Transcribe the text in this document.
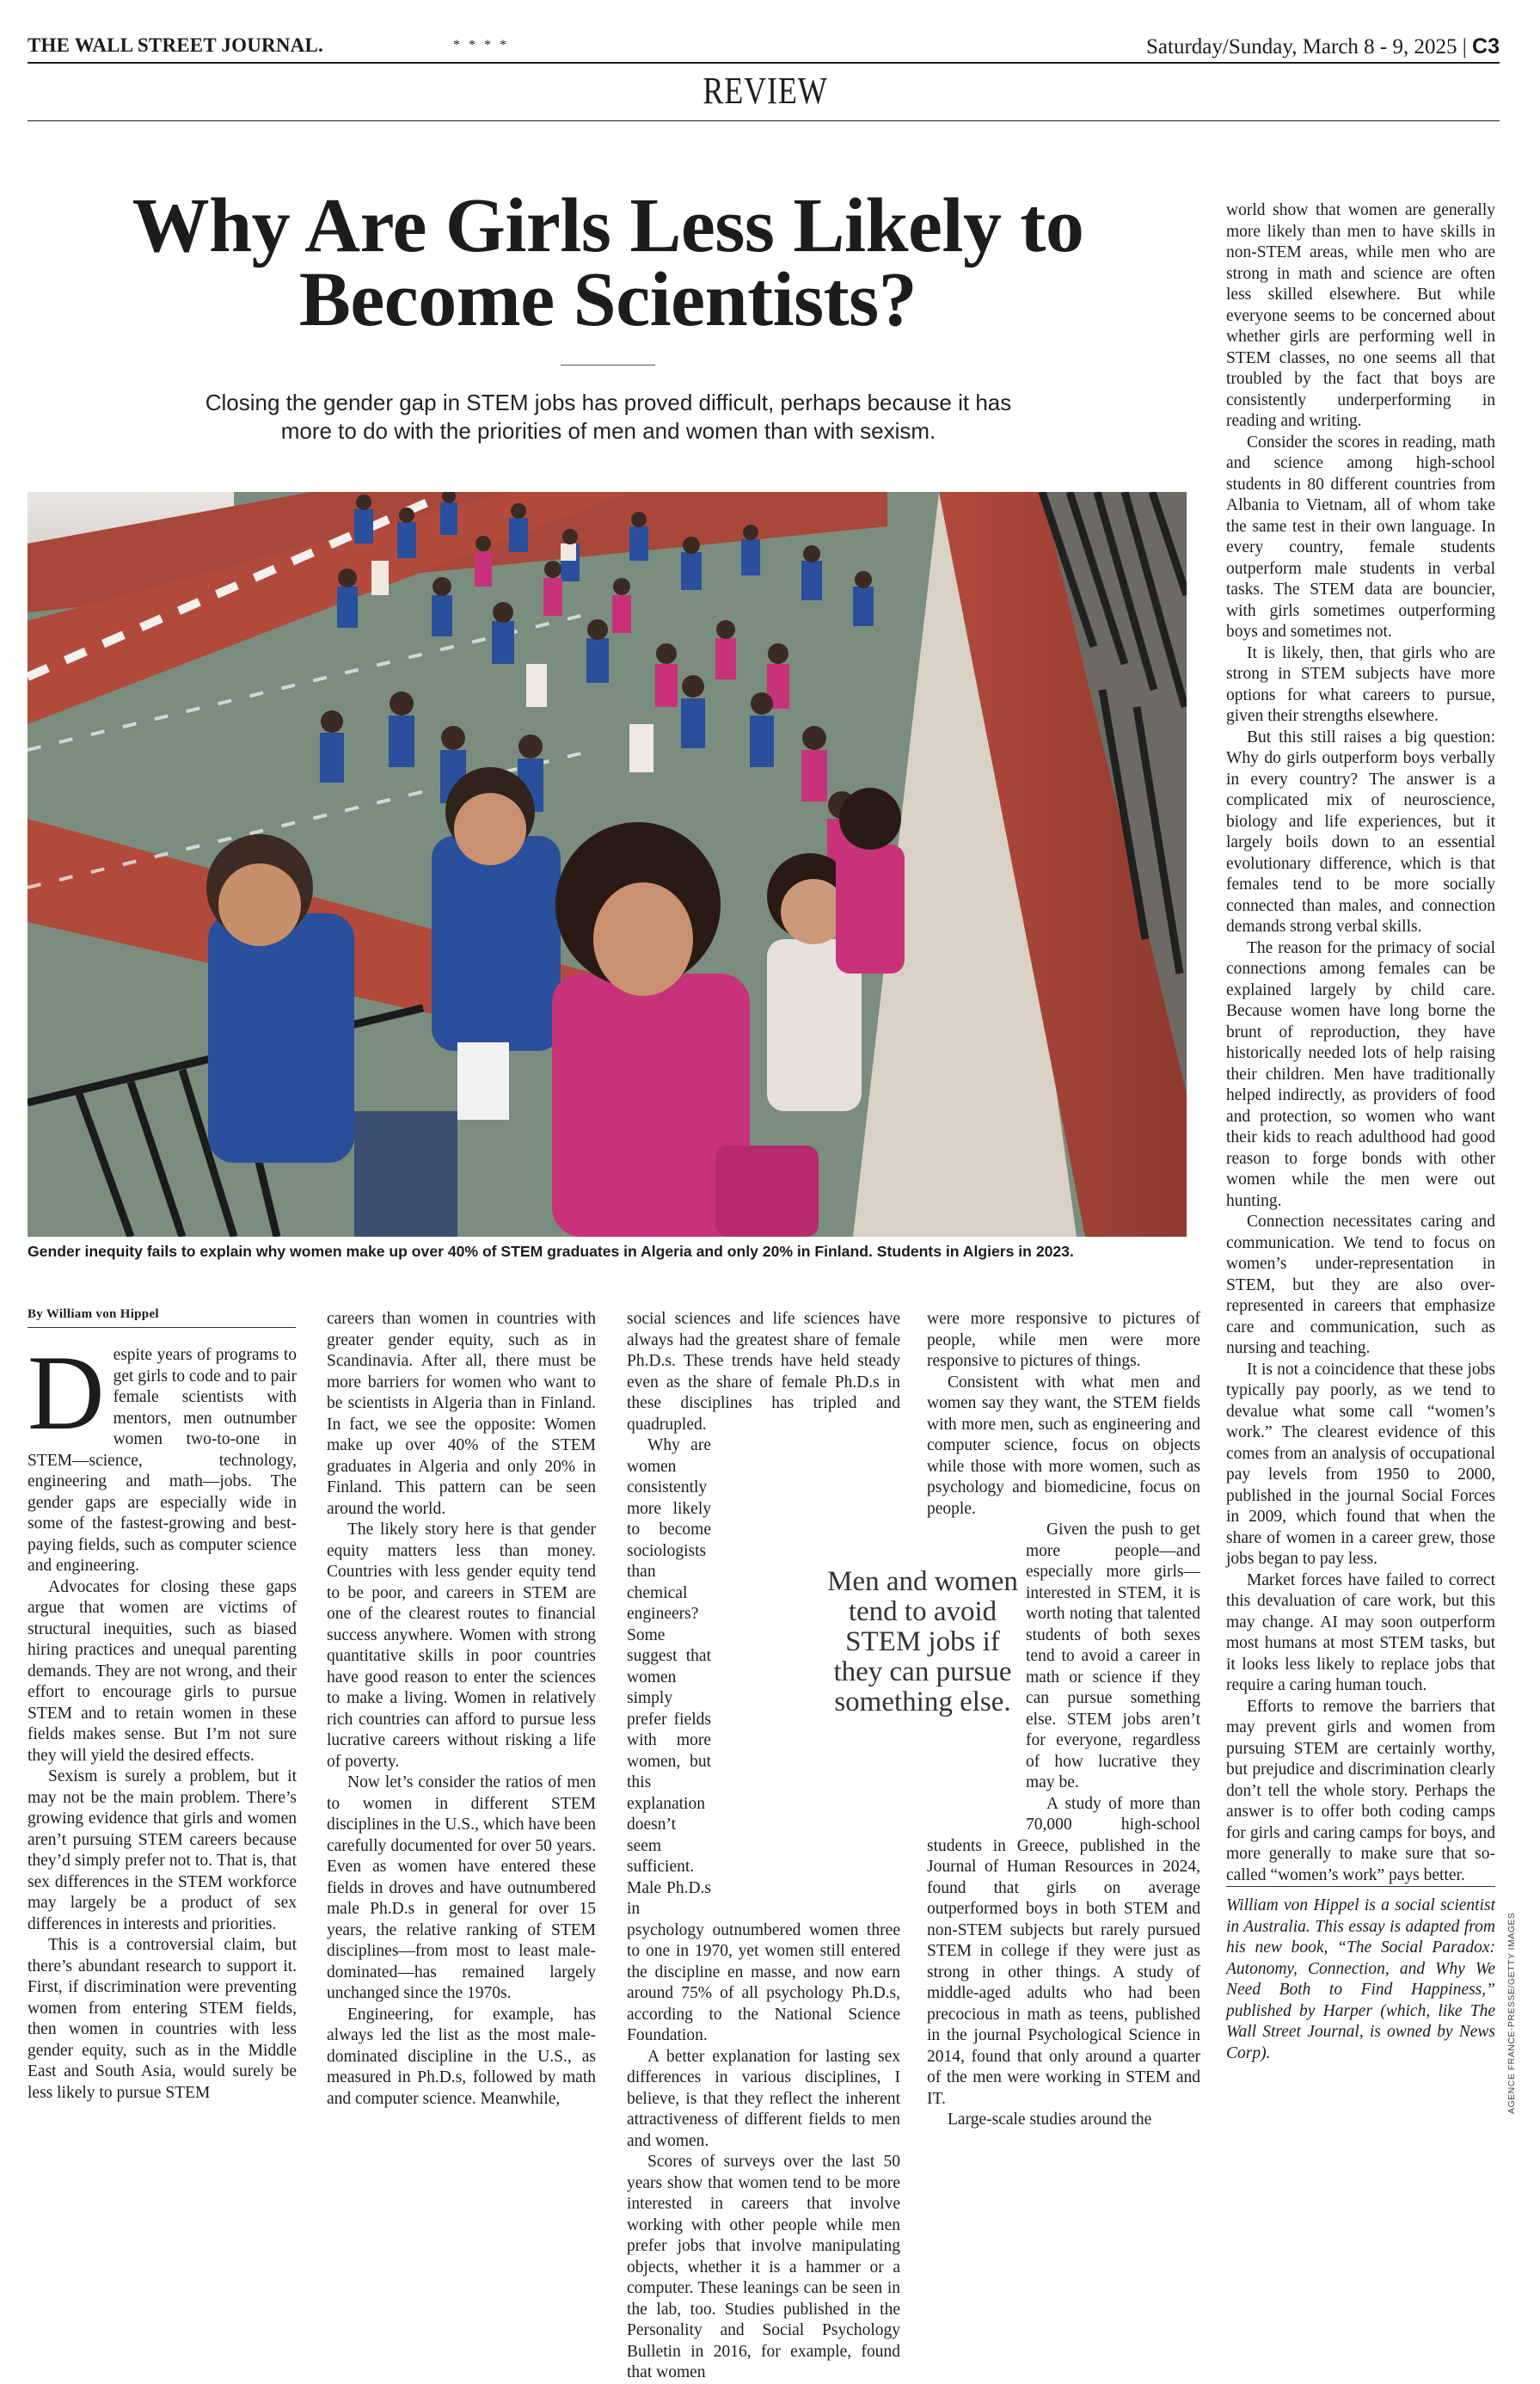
THE WALL STREET JOURNAL.	* * * *	Saturday/Sunday, March 8 - 9, 2025 | C3
REVIEW
Why Are Girls Less Likely to
Become Scientists?
Closing the gender gap in STEM jobs has proved difficult, perhaps because it has
more to do with the priorities of men and women than with sexism.
Gender inequity fails to explain why women make up over 40% of STEM graduates in Algeria and only 20% in Finland. Students in Algiers in 2023.
AGENCE FRANCE-PRESSE/GETTY IMAGES
By William von Hippel

Despite years of programs to get girls to code and to pair female scientists with mentors, men outnumber women two-to-one in STEM—science, technology, engineering and math—jobs. The gender gaps are especially wide in some of the fastest-growing and best-paying fields, such as computer science and engineering.

Advocates for closing these gaps argue that women are victims of structural inequities, such as biased hiring practices and unequal parenting demands. They are not wrong, and their effort to encourage girls to pursue STEM and to retain women in these fields makes sense. But I’m not sure they will yield the desired effects.

Sexism is surely a problem, but it may not be the main problem. There’s growing evidence that girls and women aren’t pursuing STEM careers because they’d simply prefer not to. That is, that sex differences in the STEM workforce may largely be a product of sex differences in interests and priorities.

This is a controversial claim, but there’s abundant research to support it. First, if discrimination were preventing women from entering STEM fields, then women in countries with less gender equity, such as in the Middle East and South Asia, would surely be less likely to pursue STEM

careers than women in countries with greater gender equity, such as in Scandinavia. After all, there must be more barriers for women who want to be scientists in Algeria than in Finland. In fact, we see the opposite: Women make up over 40% of the STEM graduates in Algeria and only 20% in Finland. This pattern can be seen around the world.

The likely story here is that gender equity matters less than money. Countries with less gender equity tend to be poor, and careers in STEM are one of the clearest routes to financial success anywhere. Women with strong quantitative skills in poor countries have good reason to enter the sciences to make a living. Women in relatively rich countries can afford to pursue less lucrative careers without risking a life of poverty.

Now let’s consider the ratios of men to women in different STEM disciplines in the U.S., which have been carefully documented for over 50 years. Even as women have entered these fields in droves and have outnumbered male Ph.D.s in general for over 15 years, the relative ranking of STEM disciplines—from most to least male-dominated—has remained largely unchanged since the 1970s.

Engineering, for example, has always led the list as the most male-dominated discipline in the U.S., as measured in Ph.D.s, followed by math and computer science. Meanwhile,

social sciences and life sciences have always had the greatest share of female Ph.D.s. These trends have held steady even as the share of female Ph.D.s in these disciplines has tripled and quadrupled.

Why are women consistently more likely to become sociologists than chemical engineers? Some suggest that women simply prefer fields with more women, but this explanation doesn’t seem sufficient. Male Ph.D.s in psychology outnumbered women three to one in 1970, yet women still entered the discipline en masse, and now earn around 75% of all psychology Ph.D.s, according to the National Science Foundation.

A better explanation for lasting sex differences in various disciplines, I believe, is that they reflect the inherent attractiveness of different fields to men and women.

Scores of surveys over the last 50 years show that women tend to be more interested in careers that involve working with other people while men prefer jobs that involve manipulating objects, whether it is a hammer or a computer. These leanings can be seen in the lab, too. Studies published in the Personality and Social Psychology Bulletin in 2016, for example, found that women

were more responsive to pictures of people, while men were more responsive to pictures of things.

Consistent with what men and women say they want, the STEM fields with more men, such as engineering and computer science, focus on objects while those with more women, such as psychology and biomedicine, focus on people.

Given the push to get more people—and especially more girls—interested in STEM, it is worth noting that talented students of both sexes tend to avoid a career in math or science if they can pursue something else. STEM jobs aren’t for everyone, regardless of how lucrative they may be.

A study of more than 70,000 high-school students in Greece, published in the Journal of Human Resources in 2024, found that girls on average outperformed boys in both STEM and non-STEM subjects but rarely pursued STEM in college if they were just as strong in other things. A study of middle-aged adults who had been precocious in math as teens, published in the journal Psychological Science in 2014, found that only around a quarter of the men were working in STEM and IT.

Large-scale studies around the

Men and women tend to avoid STEM jobs if they can pursue something else.

world show that women are generally more likely than men to have skills in non-STEM areas, while men who are strong in math and science are often less skilled elsewhere. But while everyone seems to be concerned about whether girls are performing well in STEM classes, no one seems all that troubled by the fact that boys are consistently underperforming in reading and writing.

Consider the scores in reading, math and science among high-school students in 80 different countries from Albania to Vietnam, all of whom take the same test in their own language. In every country, female students outperform male students in verbal tasks. The STEM data are bouncier, with girls sometimes outperforming boys and sometimes not.

It is likely, then, that girls who are strong in STEM subjects have more options for what careers to pursue, given their strengths elsewhere.

But this still raises a big question: Why do girls outperform boys verbally in every country? The answer is a complicated mix of neuroscience, biology and life experiences, but it largely boils down to an essential evolutionary difference, which is that females tend to be more socially connected than males, and connection demands strong verbal skills.

The reason for the primacy of social connections among females can be explained largely by child care. Because women have long borne the brunt of reproduction, they have historically needed lots of help raising their children. Men have traditionally helped indirectly, as providers of food and protection, so women who want their kids to reach adulthood had good reason to forge bonds with other women while the men were out hunting.

Connection necessitates caring and communication. We tend to focus on women’s under-representation in STEM, but they are also over-represented in careers that emphasize care and communication, such as nursing and teaching.

It is not a coincidence that these jobs typically pay poorly, as we tend to devalue what some call “women’s work.” The clearest evidence of this comes from an analysis of occupational pay levels from 1950 to 2000, published in the journal Social Forces in 2009, which found that when the share of women in a career grew, those jobs began to pay less.

Market forces have failed to correct this devaluation of care work, but this may change. AI may soon outperform most humans at most STEM tasks, but it looks less likely to replace jobs that require a caring human touch.

Efforts to remove the barriers that may prevent girls and women from pursuing STEM are certainly worthy, but prejudice and discrimination clearly don’t tell the whole story. Perhaps the answer is to offer both coding camps for girls and caring camps for boys, and more generally to make sure that so-called “women’s work” pays better.

William von Hippel is a social scientist in Australia. This essay is adapted from his new book, “The Social Paradox: Autonomy, Connection, and Why We Need Both to Find Happiness,” published by Harper (which, like The Wall Street Journal, is owned by News Corp).
